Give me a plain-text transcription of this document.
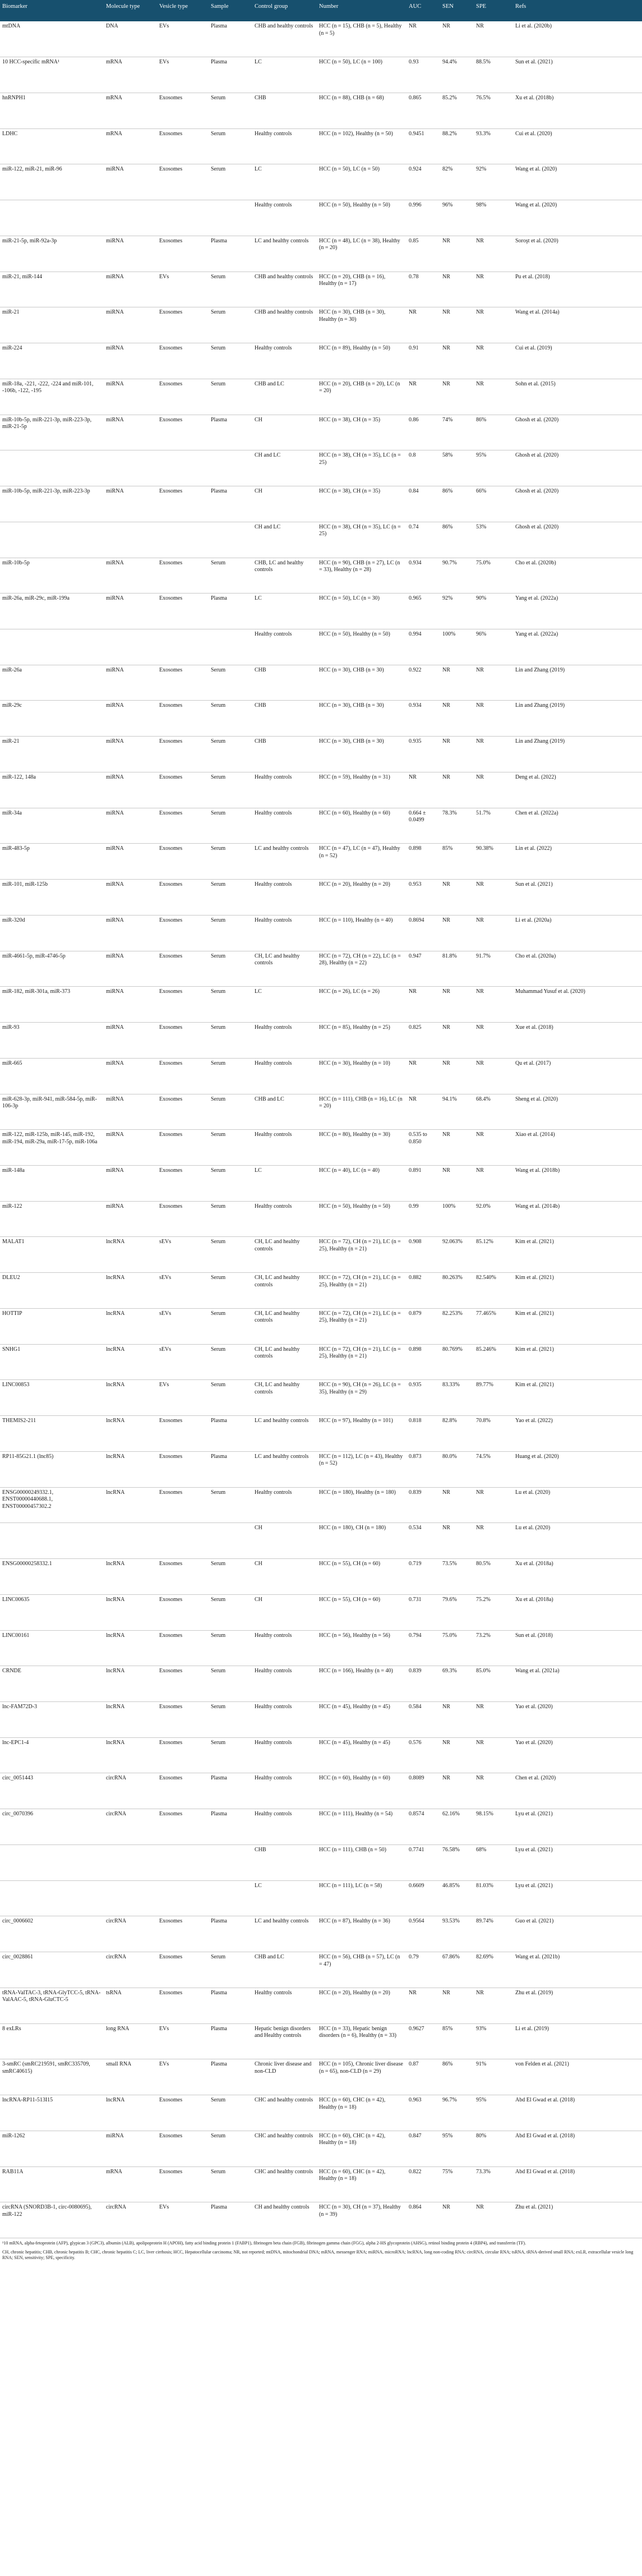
Biomarker	Molecule type	Vesicle type	Sample	Control group	Number	AUC	SEN	SPE	Refs
mtDNA	DNA	EVs	Plasma	CHB and healthy controls	HCC (n = 15), CHB (n = 5), Healthy (n = 5)	NR	NR	NR	Li et al. (2020b)
10 HCC-specific mRNA¹	mRNA	EVs	Plasma	LC	HCC (n = 50), LC (n = 100)	0.93	94.4%	88.5%	Sun et al. (2021)
hnRNPH1	mRNA	Exosomes	Serum	CHB	HCC (n = 88), CHB (n = 68)	0.865	85.2%	76.5%	Xu et al. (2018b)
LDHC	mRNA	Exosomes	Serum	Healthy controls	HCC (n = 102), Healthy (n = 50)	0.9451	88.2%	93.3%	Cui et al. (2020)
miR-122, miR-21, miR-96	miRNA	Exosomes	Serum	LC	HCC (n = 50), LC (n = 50)	0.924	82%	92%	Wang et al. (2020)
				Healthy controls	HCC (n = 50), Healthy (n = 50)	0.996	96%	98%	Wang et al. (2020)
miR-21-5p, miR-92a-3p	miRNA	Exosomes	Plasma	LC and healthy controls	HCC (n = 48), LC (n = 38), Healthy (n = 20)	0.85	NR	NR	Soroşt et al. (2020)
miR-21, miR-144	miRNA	EVs	Serum	CHB and healthy controls	HCC (n = 20), CHB (n = 16), Healthy (n = 17)	0.78	NR	NR	Pu et al. (2018)
miR-21	miRNA	Exosomes	Serum	CHB and healthy controls	HCC (n = 30), CHB (n = 30), Healthy (n = 30)	NR	NR	NR	Wang et al. (2014a)
miR-224	miRNA	Exosomes	Serum	Healthy controls	HCC (n = 89), Healthy (n = 50)	0.91	NR	NR	Cui et al. (2019)
miR-18a, -221, -222, -224 and miR-101, -106b, -122, -195	miRNA	Exosomes	Serum	CHB and LC	HCC (n = 20), CHB (n = 20), LC (n = 20)	NR	NR	NR	Sohn et al. (2015)
miR-10b-5p, miR-221-3p, miR-223-3p, miR-21-5p	miRNA	Exosomes	Plasma	CH	HCC (n = 38), CH (n = 35)	0.86	74%	86%	Ghosh et al. (2020)
				CH and LC	HCC (n = 38), CH (n = 35), LC (n = 25)	0.8	58%	95%	Ghosh et al. (2020)
miR-10b-5p, miR-221-3p, miR-223-3p	miRNA	Exosomes	Plasma	CH	HCC (n = 38), CH (n = 35)	0.84	86%	66%	Ghosh et al. (2020)
				CH and LC	HCC (n = 38), CH (n = 35), LC (n = 25)	0.74	86%	53%	Ghosh et al. (2020)
miR-10b-5p	miRNA	Exosomes	Serum	CHB, LC and healthy controls	HCC (n = 90), CHB (n = 27), LC (n = 33), Healthy (n = 28)	0.934	90.7%	75.0%	Cho et al. (2020b)
miR-26a, miR-29c, miR-199a	miRNA	Exosomes	Plasma	LC	HCC (n = 50), LC (n = 30)	0.965	92%	90%	Yang et al. (2022a)
				Healthy controls	HCC (n = 50), Healthy (n = 50)	0.994	100%	96%	Yang et al. (2022a)
miR-26a	miRNA	Exosomes	Serum	CHB	HCC (n = 30), CHB (n = 30)	0.922	NR	NR	Lin and Zhang (2019)
miR-29c	miRNA	Exosomes	Serum	CHB	HCC (n = 30), CHB (n = 30)	0.934	NR	NR	Lin and Zhang (2019)
miR-21	miRNA	Exosomes	Serum	CHB	HCC (n = 30), CHB (n = 30)	0.935	NR	NR	Lin and Zhang (2019)
miR-122, 148a	miRNA	Exosomes	Serum	Healthy controls	HCC (n = 59), Healthy (n = 31)	NR	NR	NR	Deng et al. (2022)
miR-34a	miRNA	Exosomes	Serum	Healthy controls	HCC (n = 60), Healthy (n = 60)	0.664 ± 0.0499	78.3%	51.7%	Chen et al. (2022a)
miR-483-5p	miRNA	Exosomes	Serum	LC and healthy controls	HCC (n = 47), LC (n = 47), Healthy (n = 52)	0.898	85%	90.38%	Lin et al. (2022)
miR-101, miR-125b	miRNA	Exosomes	Serum	Healthy controls	HCC (n = 20), Healthy (n = 20)	0.953	NR	NR	Sun et al. (2021)
miR-320d	miRNA	Exosomes	Serum	Healthy controls	HCC (n = 110), Healthy (n = 40)	0.8694	NR	NR	Li et al. (2020a)
miR-4661-5p, miR-4746-5p	miRNA	Exosomes	Serum	CH, LC and healthy controls	HCC (n = 72), CH (n = 22), LC (n = 28), Healthy (n = 22)	0.947	81.8%	91.7%	Cho et al. (2020a)
miR-182, miR-301a, miR-373	miRNA	Exosomes	Serum	LC	HCC (n = 26), LC (n = 26)	NR	NR	NR	Muhammad Yusuf et al. (2020)
miR-93	miRNA	Exosomes	Serum	Healthy controls	HCC (n = 85), Healthy (n = 25)	0.825	NR	NR	Xue et al. (2018)
miR-665	miRNA	Exosomes	Serum	Healthy controls	HCC (n = 30), Healthy (n = 10)	NR	NR	NR	Qu et al. (2017)
miR-628-3p, miR-941, miR-584-5p, miR-106-3p	miRNA	Exosomes	Serum	CHB and LC	HCC (n = 111), CHB (n = 16), LC (n = 20)	NR	94.1%	68.4%	Sheng et al. (2020)
miR-122, miR-125b, miR-145, miR-192, miR-194, miR-29a, miR-17-5p, miR-106a	miRNA	Exosomes	Serum	Healthy controls	HCC (n = 80), Healthy (n = 30)	0.535 to 0.850	NR	NR	Xiao et al. (2014)
miR-148a	miRNA	Exosomes	Serum	LC	HCC (n = 40), LC (n = 40)	0.891	NR	NR	Wang et al. (2018b)
miR-122	miRNA	Exosomes	Serum	Healthy controls	HCC (n = 50), Healthy (n = 50)	0.99	100%	92.0%	Wang et al. (2014b)
MALAT1	lncRNA	sEVs	Serum	CH, LC and healthy controls	HCC (n = 72), CH (n = 21), LC (n = 25), Healthy (n = 21)	0.908	92.063%	85.12%	Kim et al. (2021)
DLEU2	lncRNA	sEVs	Serum	CH, LC and healthy controls	HCC (n = 72), CH (n = 21), LC (n = 25), Healthy (n = 21)	0.882	80.263%	82.540%	Kim et al. (2021)
HOTTIP	lncRNA	sEVs	Serum	CH, LC and healthy controls	HCC (n = 72), CH (n = 21), LC (n = 25), Healthy (n = 21)	0.879	82.253%	77.465%	Kim et al. (2021)
SNHG1	lncRNA	sEVs	Serum	CH, LC and healthy controls	HCC (n = 72), CH (n = 21), LC (n = 25), Healthy (n = 21)	0.898	80.769%	85.246%	Kim et al. (2021)
LINC00853	lncRNA	EVs	Serum	CH, LC and healthy controls	HCC (n = 90), CH (n = 26), LC (n = 35), Healthy (n = 29)	0.935	83.33%	89.77%	Kim et al. (2021)
THEMIS2-211	lncRNA	Exosomes	Plasma	LC and healthy controls	HCC (n = 97), Healthy (n = 101)	0.818	82.8%	70.8%	Yao et al. (2022)
RP11-85G21.1 (lnc85)	lncRNA	Exosomes	Plasma	LC and healthy controls	HCC (n = 112), LC (n = 43), Healthy (n = 52)	0.873	80.0%	74.5%	Huang et al. (2020)
ENSG00000249332.1, ENST00000440688.1, ENST00000457302.2	lncRNA	Exosomes	Serum	Healthy controls	HCC (n = 180), Healthy (n = 180)	0.839	NR	NR	Lu et al. (2020)
				CH	HCC (n = 180), CH (n = 180)	0.534	NR	NR	Lu et al. (2020)
ENSG00000258332.1	lncRNA	Exosomes	Serum	CH	HCC (n = 55), CH (n = 60)	0.719	73.5%	80.5%	Xu et al. (2018a)
LINC00635	lncRNA	Exosomes	Serum	CH	HCC (n = 55), CH (n = 60)	0.731	79.6%	75.2%	Xu et al. (2018a)
LINC00161	lncRNA	Exosomes	Serum	Healthy controls	HCC (n = 56), Healthy (n = 56)	0.794	75.0%	73.2%	Sun et al. (2018)
CRNDE	lncRNA	Exosomes	Serum	Healthy controls	HCC (n = 166), Healthy (n = 40)	0.839	69.3%	85.0%	Wang et al. (2021a)
lnc-FAM72D-3	lncRNA	Exosomes	Serum	Healthy controls	HCC (n = 45), Healthy (n = 45)	0.584	NR	NR	Yao et al. (2020)
lnc-EPC1-4	lncRNA	Exosomes	Serum	Healthy controls	HCC (n = 45), Healthy (n = 45)	0.576	NR	NR	Yao et al. (2020)
circ_0051443	circRNA	Exosomes	Plasma	Healthy controls	HCC (n = 60), Healthy (n = 60)	0.8089	NR	NR	Chen et al. (2020)
circ_0070396	circRNA	Exosomes	Plasma	Healthy controls	HCC (n = 111), Healthy (n = 54)	0.8574	62.16%	98.15%	Lyu et al. (2021)
				CHB	HCC (n = 111), CHB (n = 50)	0.7741	76.58%	68%	Lyu et al. (2021)
				LC	HCC (n = 111), LC (n = 58)	0.6609	46.85%	81.03%	Lyu et al. (2021)
circ_0006602	circRNA	Exosomes	Plasma	LC and healthy controls	HCC (n = 87), Healthy (n = 36)	0.9564	93.53%	89.74%	Guo et al. (2021)
circ_0028861	circRNA	Exosomes	Serum	CHB and LC	HCC (n = 56), CHB (n = 57), LC (n = 47)	0.79	67.86%	82.69%	Wang et al. (2021b)
tRNA-ValTAC-3, tRNA-GlyTCC-5, tRNA-ValAAC-5, tRNA-GluCTC-5	tsRNA	Exosomes	Plasma	Healthy controls	HCC (n = 20), Healthy (n = 20)	NR	NR	NR	Zhu et al. (2019)
8 exLRs	long RNA	EVs	Plasma	Hepatic benign disorders and Healthy controls	HCC (n = 33), Hepatic benign disorders (n = 6), Healthy (n = 33)	0.9627	85%	93%	Li et al. (2019)
3-smRC (smRC219591, smRC335709, smRC40615)	small RNA	EVs	Plasma	Chronic liver disease and non-CLD	HCC (n = 105), Chronic liver disease (n = 65), non-CLD (n = 29)	0.87	86%	91%	von Felden et al. (2021)
lncRNA-RP11-513I15	lncRNA	Exosomes	Serum	CHC and healthy controls	HCC (n = 60), CHC (n = 42), Healthy (n = 18)	0.963	96.7%	95%	Abd El Gwad et al. (2018)
miR-1262	miRNA	Exosomes	Serum	CHC and healthy controls	HCC (n = 60), CHC (n = 42), Healthy (n = 18)	0.847	95%	80%	Abd El Gwad et al. (2018)
RAB11A	mRNA	Exosomes	Serum	CHC and healthy controls	HCC (n = 60), CHC (n = 42), Healthy (n = 18)	0.822	75%	73.3%	Abd El Gwad et al. (2018)
circRNA (SNORD3B-1, circ-0080695), miR-122	circRNA	EVs	Plasma	CH and healthy controls	HCC (n = 30), CH (n = 37), Healthy (n = 39)	0.864	NR	NR	Zhu et al. (2021)
¹10 mRNA, alpha-fetoprotein (AFP), glypican 3 (GPC3), albumin (ALB), apolipoprotein H (APOH), fatty acid binding protein 1 (FABP1), fibrinogen beta chain (FGB), fibrinogen gamma chain (FGG), alpha 2-HS glycoprotein (AHSG), retinol binding protein 4 (RBP4), and transferrin (TF).
CH, chronic hepatitis; CHB, chronic hepatitis B; CHC, chronic hepatitis C; LC, liver cirrhosis; HCC, Hepatocellular carcinoma; NR, not reported; mtDNA, mitochondrial DNA; mRNA, messenger RNA; miRNA, microRNA; lncRNA, long non-coding RNA; circRNA, circular RNA; tsRNA, tRNA-derived small RNA; exLR, extracellular vesicle long RNA; SEN, sensitivity; SPE, specificity.
